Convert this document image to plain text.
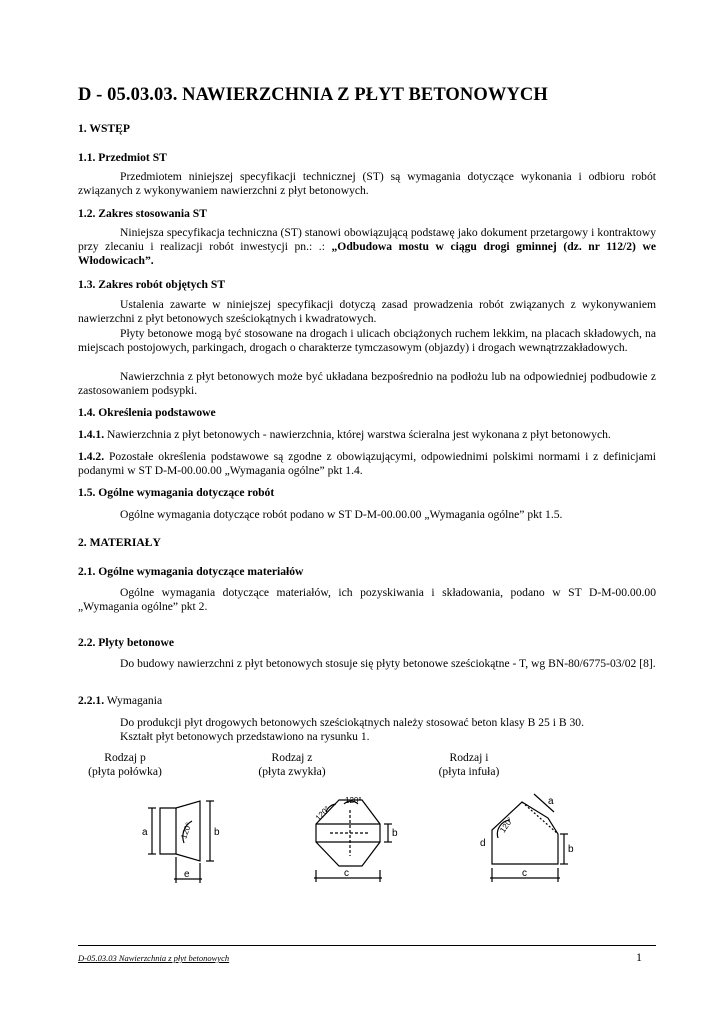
D - 05.03.03. NAWIERZCHNIA Z PŁYT BETONOWYCH
1. WSTĘP
1.1. Przedmiot ST
Przedmiotem niniejszej specyfikacji technicznej (ST) są wymagania dotyczące wykonania i odbioru robót związanych z wykonywaniem nawierzchni z płyt betonowych.
1.2. Zakres stosowania ST
Niniejsza specyfikacja techniczna (ST) stanowi obowiązującą podstawę jako dokument przetargowy i kontraktowy przy zlecaniu i realizacji robót inwestycji pn.: .: „Odbudowa mostu w ciągu drogi gminnej (dz. nr 112/2) we Włodowicach”.
1.3. Zakres robót objętych ST
Ustalenia zawarte w niniejszej specyfikacji dotyczą zasad prowadzenia robót związanych z wykonywaniem nawierzchni z płyt betonowych sześciokątnych i kwadratowych.
Płyty betonowe mogą być stosowane na drogach i ulicach obciążonych ruchem lekkim, na placach składowych, na miejscach postojowych, parkingach, drogach o charakterze tymczasowym (objazdy) i drogach wewnątrzzakładowych.
Nawierzchnia z płyt betonowych może być układana bezpośrednio na podłożu lub na odpowiedniej podbudowie z zastosowaniem podsypki.
1.4. Określenia podstawowe
1.4.1. Nawierzchnia z płyt betonowych - nawierzchnia, której warstwa ścieralna jest wykonana z płyt betonowych.
1.4.2. Pozostałe określenia podstawowe są zgodne z obowiązującymi, odpowiednimi polskimi normami i z definicjami podanymi w ST D-M-00.00.00 „Wymagania ogólne” pkt 1.4.
1.5. Ogólne wymagania dotyczące robót
Ogólne wymagania dotyczące robót podano w ST D-M-00.00.00 „Wymagania ogólne” pkt 1.5.
2. MATERIAŁY
2.1. Ogólne wymagania dotyczące materiałów
Ogólne wymagania dotyczące materiałów, ich pozyskiwania i składowania, podano w ST D-M-00.00.00 „Wymagania ogólne” pkt 2.
2.2. Płyty betonowe
Do budowy nawierzchni z płyt betonowych stosuje się płyty betonowe sześciokątne - T, wg BN-80/6775-03/02 [8].
2.2.1. Wymagania
Do produkcji płyt drogowych betonowych sześciokątnych należy stosować beton klasy B 25 i B 30.
Kształt płyt betonowych przedstawiono na rysunku 1.
Rodzaj p
(płyta połówka)
Rodzaj z
(płyta zwykła)
Rodzaj i
(płyta infuła)
a	b
e
120°	b
c
120°
120°
d
b
c
a
120°
D-05.03.03 Nawierzchnia z płyt betonowych	1
